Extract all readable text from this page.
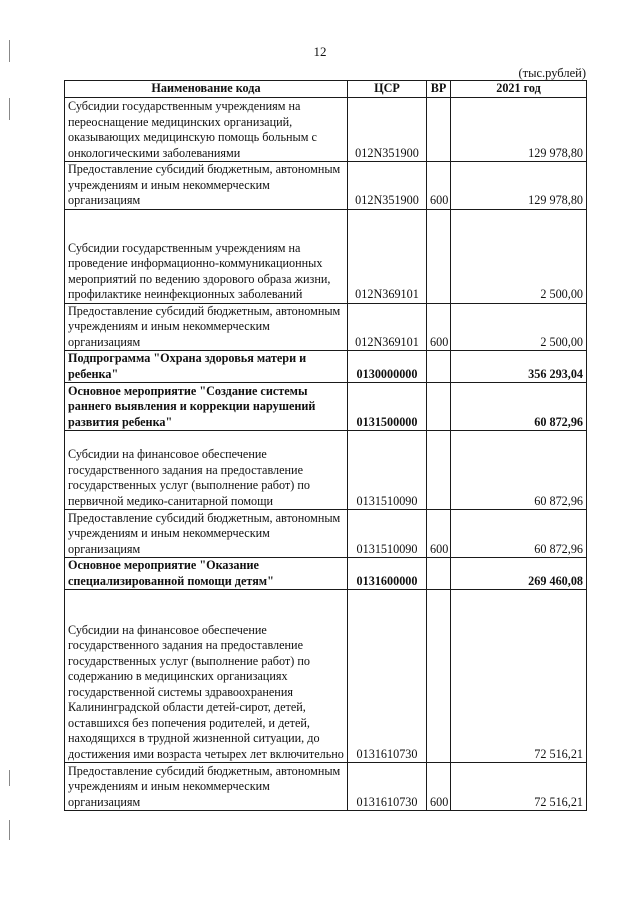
12
(тыс.рублей)
Наименование кода	ЦСР	ВР	2021 год
Субсидии государственным учреждениям на переоснащение медицинских организаций, оказывающих медицинскую помощь больным с онкологическими заболеваниями	012N351900		129 978,80
Предоставление субсидий бюджетным, автономным учреждениям и иным некоммерческим организациям	012N351900	600	129 978,80
Субсидии государственным учреждениям на проведение информационно-коммуникационных мероприятий по ведению здорового образа жизни, профилактике неинфекционных заболеваний	012N369101		2 500,00
Предоставление субсидий бюджетным, автономным учреждениям и иным некоммерческим организациям	012N369101	600	2 500,00
Подпрограмма "Охрана здоровья матери и ребенка"	0130000000		356 293,04
Основное мероприятие "Создание системы раннего выявления и коррекции нарушений развития ребенка"	0131500000		60 872,96
Субсидии на финансовое обеспечение государственного задания на предоставление государственных услуг (выполнение работ) по первичной медико-санитарной помощи	0131510090		60 872,96
Предоставление субсидий бюджетным, автономным учреждениям и иным некоммерческим организациям	0131510090	600	60 872,96
Основное мероприятие "Оказание специализированной помощи детям"	0131600000		269 460,08
Субсидии на финансовое обеспечение государственного задания на предоставление государственных услуг (выполнение работ) по содержанию в медицинских организациях государственной системы здравоохранения Калининградской области детей-сирот, детей, оставшихся без попечения родителей, и детей, находящихся в трудной жизненной ситуации, до достижения ими возраста четырех лет включительно	0131610730		72 516,21
Предоставление субсидий бюджетным, автономным учреждениям и иным некоммерческим организациям	0131610730	600	72 516,21
